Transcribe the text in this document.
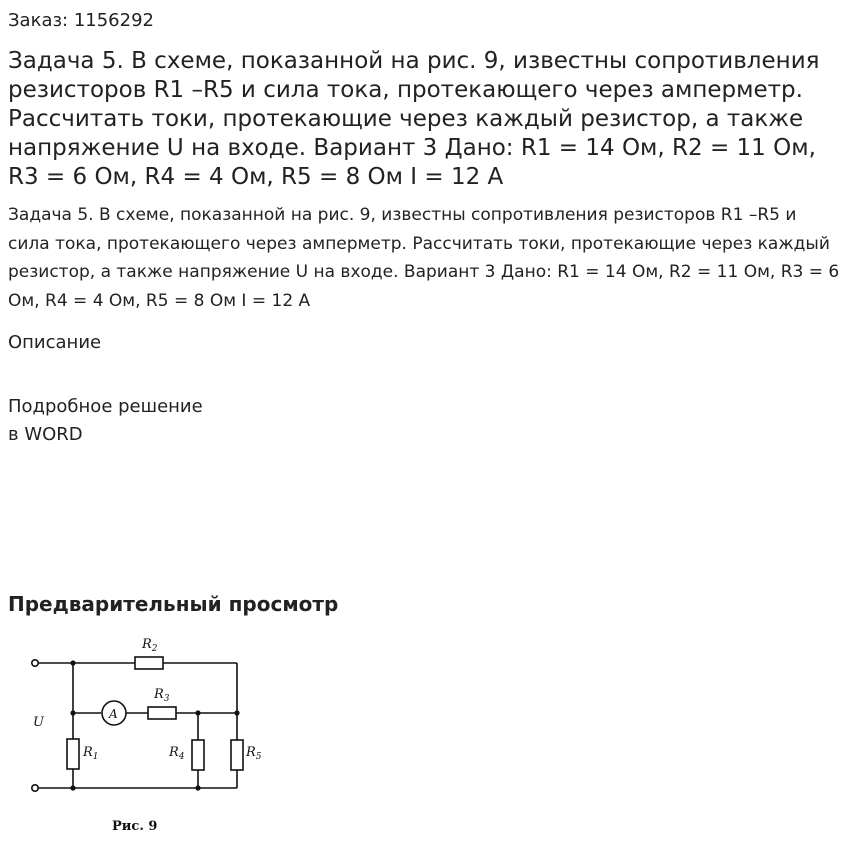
Заказ: 1156292
Задача 5. В схеме, показанной на рис. 9, известны сопротивления резисторов R1 –R5 и сила тока, протекающего через амперметр. Рассчитать токи, протекающие через каждый резистор, а также напряжение U на входе. Вариант 3 Дано: R1 = 14 Ом, R2 = 11 Ом, R3 = 6 Ом, R4 = 4 Ом, R5 = 8 Ом I = 12 А

Задача 5. В схеме, показанной на рис. 9, известны сопротивления резисторов R1 –R5 и сила тока, протекающего через амперметр. Рассчитать токи, протекающие через каждый резистор, а также напряжение U на входе. Вариант 3 Дано: R1 = 14 Ом, R2 = 11 Ом, R3 = 6 Ом, R4 = 4 Ом, R5 = 8 Ом I = 12 А

Описание

Подробное решение
в WORD

Предварительный просмотр
U
$R_2$
$R_3$
$R_1$	$R_4$	$R_5$
A
Рис. 9
